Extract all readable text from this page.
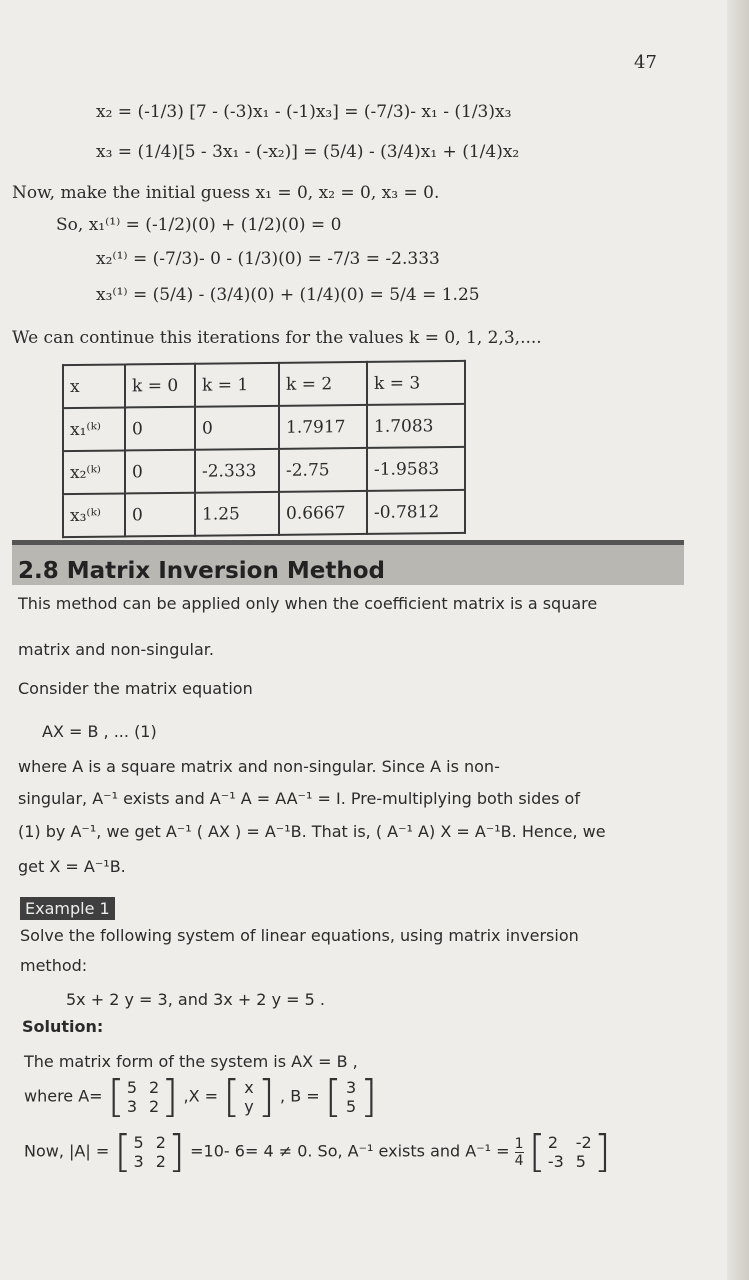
47
x₂ = (-1/3) [7 - (-3)x₁ - (-1)x₃] = (-7/3)- x₁ - (1/3)x₃
x₃ = (1/4)[5 - 3x₁ - (-x₂)] = (5/4) - (3/4)x₁ + (1/4)x₂
Now, make the initial guess x₁ = 0, x₂ = 0, x₃ = 0.
So, x₁⁽¹⁾ = (-1/2)(0) + (1/2)(0) = 0
x₂⁽¹⁾ = (-7/3)- 0 - (1/3)(0) = -7/3 = -2.333
x₃⁽¹⁾ = (5/4) - (3/4)(0) + (1/4)(0) = 5/4 = 1.25
We can continue this iterations for the values k = 0, 1, 2,3,....
x	k = 0	k = 1	k = 2	k = 3
x₁⁽ᵏ⁾	0	0	1.7917	1.7083
x₂⁽ᵏ⁾	0	-2.333	-2.75	-1.9583
x₃⁽ᵏ⁾	0	1.25	0.6667	-0.7812
2.8 Matrix Inversion Method
This method can be applied only when the coefficient matrix is a square
matrix and non-singular.
Consider the matrix equation
AX = B , ... (1)
where A is a square matrix and non-singular. Since A is non-
singular, A⁻¹ exists and A⁻¹ A = AA⁻¹ = I. Pre-multiplying both sides of
(1) by A⁻¹, we get A⁻¹ ( AX ) = A⁻¹B. That is, ( A⁻¹ A) X = A⁻¹B. Hence, we
get X = A⁻¹B.
Example 1
Solve the following system of linear equations, using matrix inversion
method:
5x + 2 y = 3, and 3x + 2 y = 5 .
Solution:
The matrix form of the system is AX = B ,
where A= [ 5 2
3 2 ] ,X = [ x
y ] , B = [ 3
5 ]
Now, |A| = [ 5 2
3 2 ] =10- 6= 4 ≠ 0. So, A⁻¹ exists and $A^{-1} = \frac{1}{4}$
[ 2	-2
-3 5 ]
